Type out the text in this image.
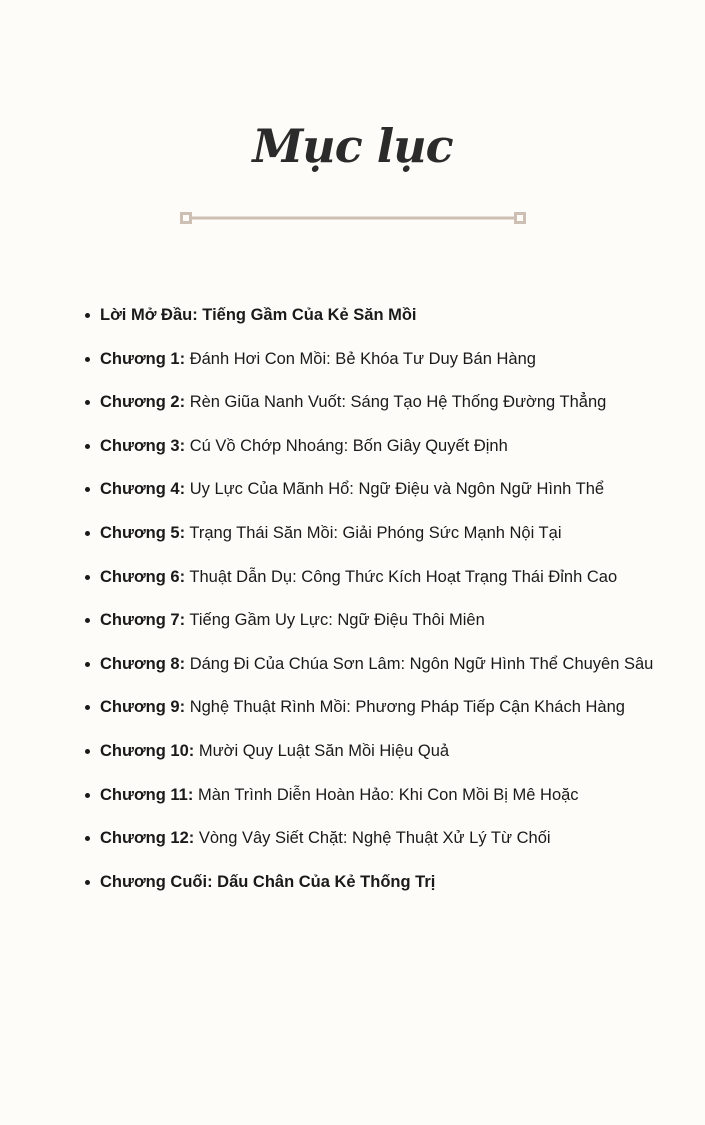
Mục lục
Lời Mở Đầu: Tiếng Gầm Của Kẻ Săn Mồi
Chương 1: Đánh Hơi Con Mồi: Bẻ Khóa Tư Duy Bán Hàng
Chương 2: Rèn Giũa Nanh Vuốt: Sáng Tạo Hệ Thống Đường Thẳng
Chương 3: Cú Vồ Chớp Nhoáng: Bốn Giây Quyết Định
Chương 4: Uy Lực Của Mãnh Hổ: Ngữ Điệu và Ngôn Ngữ Hình Thể
Chương 5: Trạng Thái Săn Mồi: Giải Phóng Sức Mạnh Nội Tại
Chương 6: Thuật Dẫn Dụ: Công Thức Kích Hoạt Trạng Thái Đỉnh Cao
Chương 7: Tiếng Gầm Uy Lực: Ngữ Điệu Thôi Miên
Chương 8: Dáng Đi Của Chúa Sơn Lâm: Ngôn Ngữ Hình Thể Chuyên Sâu
Chương 9: Nghệ Thuật Rình Mồi: Phương Pháp Tiếp Cận Khách Hàng
Chương 10: Mười Quy Luật Săn Mồi Hiệu Quả
Chương 11: Màn Trình Diễn Hoàn Hảo: Khi Con Mồi Bị Mê Hoặc
Chương 12: Vòng Vây Siết Chặt: Nghệ Thuật Xử Lý Từ Chối
Chương Cuối: Dấu Chân Của Kẻ Thống Trị
